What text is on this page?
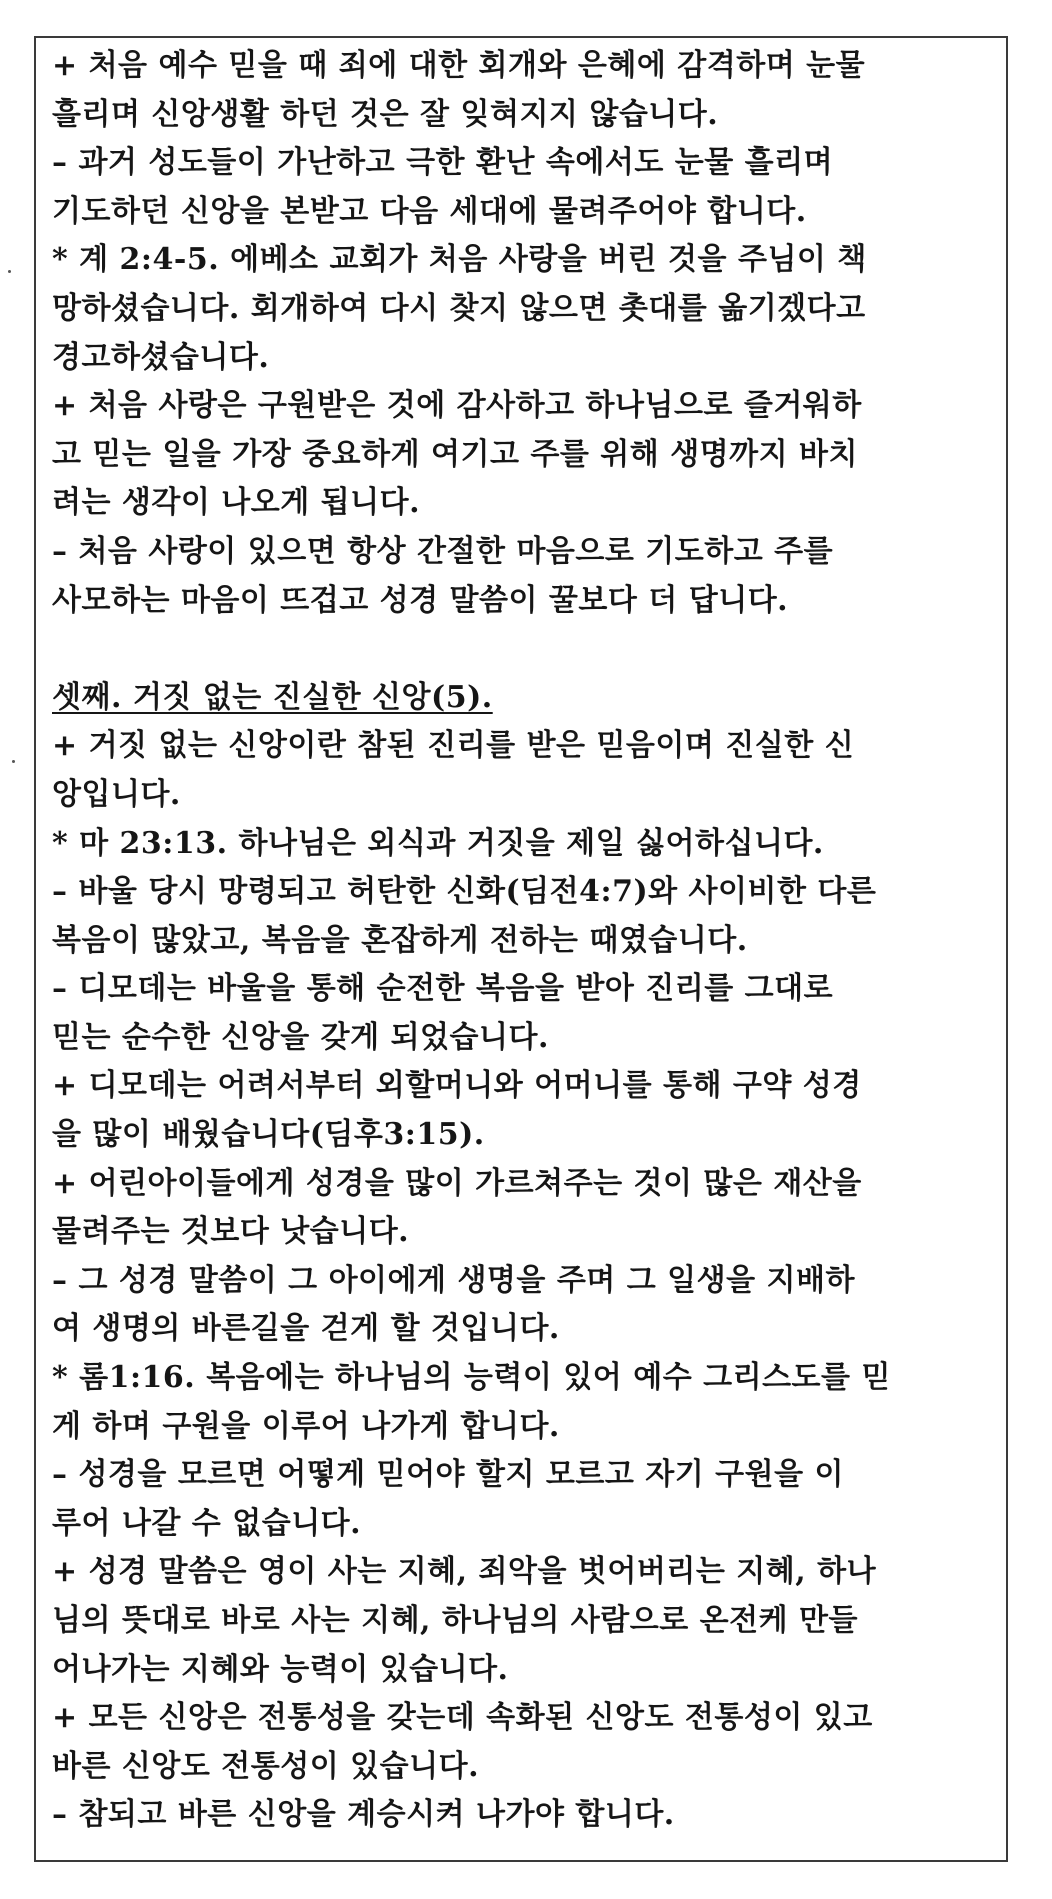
+ 처음 예수 믿을 때 죄에 대한 회개와 은혜에 감격하며 눈물
흘리며 신앙생활 하던 것은 잘 잊혀지지 않습니다.
– 과거 성도들이 가난하고 극한 환난 속에서도 눈물 흘리며
기도하던 신앙을 본받고 다음 세대에 물려주어야 합니다.
* 계 2:4-5. 에베소 교회가 처음 사랑을 버린 것을 주님이 책
망하셨습니다. 회개하여 다시 찾지 않으면 촛대를 옮기겠다고
경고하셨습니다.
+ 처음 사랑은 구원받은 것에 감사하고 하나님으로 즐거워하
고 믿는 일을 가장 중요하게 여기고 주를 위해 생명까지 바치
려는 생각이 나오게 됩니다.
– 처음 사랑이 있으면 항상 간절한 마음으로 기도하고 주를
사모하는 마음이 뜨겁고 성경 말씀이 꿀보다 더 답니다.
셋째. 거짓 없는 진실한 신앙(5).
+ 거짓 없는 신앙이란 참된 진리를 받은 믿음이며 진실한 신
앙입니다.
* 마 23:13. 하나님은 외식과 거짓을 제일 싫어하십니다.
– 바울 당시 망령되고 허탄한 신화(딤전4:7)와 사이비한 다른
복음이 많았고, 복음을 혼잡하게 전하는 때였습니다.
– 디모데는 바울을 통해 순전한 복음을 받아 진리를 그대로
믿는 순수한 신앙을 갖게 되었습니다.
+ 디모데는 어려서부터 외할머니와 어머니를 통해 구약 성경
을 많이 배웠습니다(딤후3:15).
+ 어린아이들에게 성경을 많이 가르쳐주는 것이 많은 재산을
물려주는 것보다 낫습니다.
– 그 성경 말씀이 그 아이에게 생명을 주며 그 일생을 지배하
여 생명의 바른길을 걷게 할 것입니다.
* 롬1:16. 복음에는 하나님의 능력이 있어 예수 그리스도를 믿
게 하며 구원을 이루어 나가게 합니다.
– 성경을 모르면 어떻게 믿어야 할지 모르고 자기 구원을 이
루어 나갈 수 없습니다.
+ 성경 말씀은 영이 사는 지혜, 죄악을 벗어버리는 지혜, 하나
님의 뜻대로 바로 사는 지혜, 하나님의 사람으로 온전케 만들
어나가는 지혜와 능력이 있습니다.
+ 모든 신앙은 전통성을 갖는데 속화된 신앙도 전통성이 있고
바른 신앙도 전통성이 있습니다.
– 참되고 바른 신앙을 계승시켜 나가야 합니다.
